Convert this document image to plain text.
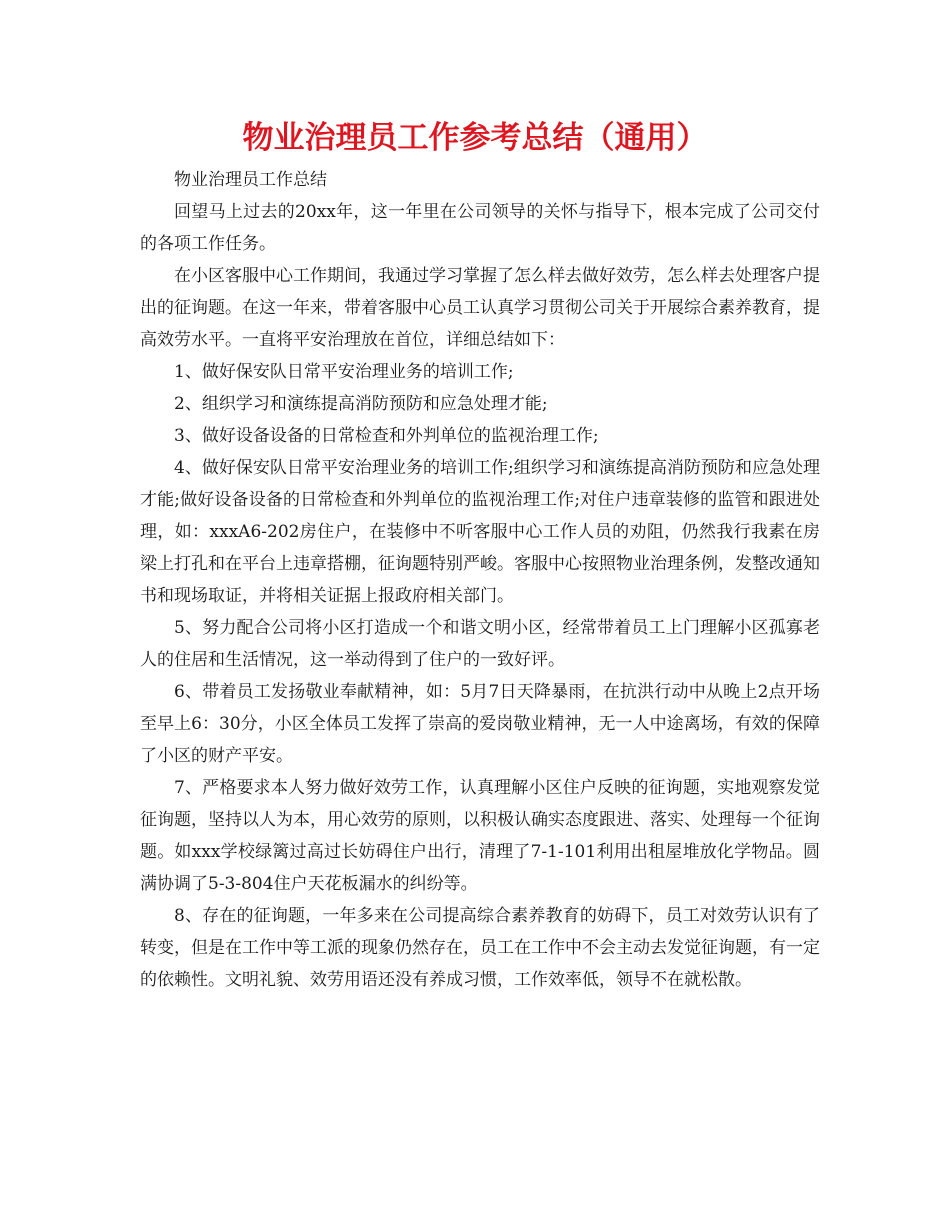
物业治理员工作参考总结（通用）

物业治理员工作总结

回望马上过去的20xx年，这一年里在公司领导的关怀与指导下，根本完成了公司交付的各项工作任务。

在小区客服中心工作期间，我通过学习掌握了怎么样去做好效劳，怎么样去处理客户提出的征询题。在这一年来，带着客服中心员工认真学习贯彻公司关于开展综合素养教育，提高效劳水平。一直将平安治理放在首位，详细总结如下：

1、做好保安队日常平安治理业务的培训工作;

2、组织学习和演练提高消防预防和应急处理才能;

3、做好设备设备的日常检查和外判单位的监视治理工作;

4、做好保安队日常平安治理业务的培训工作;组织学习和演练提高消防预防和应急处理才能;做好设备设备的日常检查和外判单位的监视治理工作;对住户违章装修的监管和跟进处理，如：xxxA6-202房住户，在装修中不听客服中心工作人员的劝阻，仍然我行我素在房梁上打孔和在平台上违章搭棚，征询题特别严峻。客服中心按照物业治理条例，发整改通知书和现场取证，并将相关证据上报政府相关部门。

5、努力配合公司将小区打造成一个和谐文明小区，经常带着员工上门理解小区孤寡老人的住居和生活情况，这一举动得到了住户的一致好评。

6、带着员工发扬敬业奉献精神，如：5月7日天降暴雨，在抗洪行动中从晚上2点开场至早上6：30分，小区全体员工发挥了崇高的爱岗敬业精神，无一人中途离场，有效的保障了小区的财产平安。

7、严格要求本人努力做好效劳工作，认真理解小区住户反映的征询题，实地观察发觉征询题，坚持以人为本，用心效劳的原则，以积极认确实态度跟进、落实、处理每一个征询题。如xxx学校绿篱过高过长妨碍住户出行，清理了7-1-101利用出租屋堆放化学物品。圆满协调了5-3-804住户天花板漏水的纠纷等。

8、存在的征询题，一年多来在公司提高综合素养教育的妨碍下，员工对效劳认识有了转变，但是在工作中等工派的现象仍然存在，员工在工作中不会主动去发觉征询题，有一定的依赖性。文明礼貌、效劳用语还没有养成习惯，工作效率低，领导不在就松散。
